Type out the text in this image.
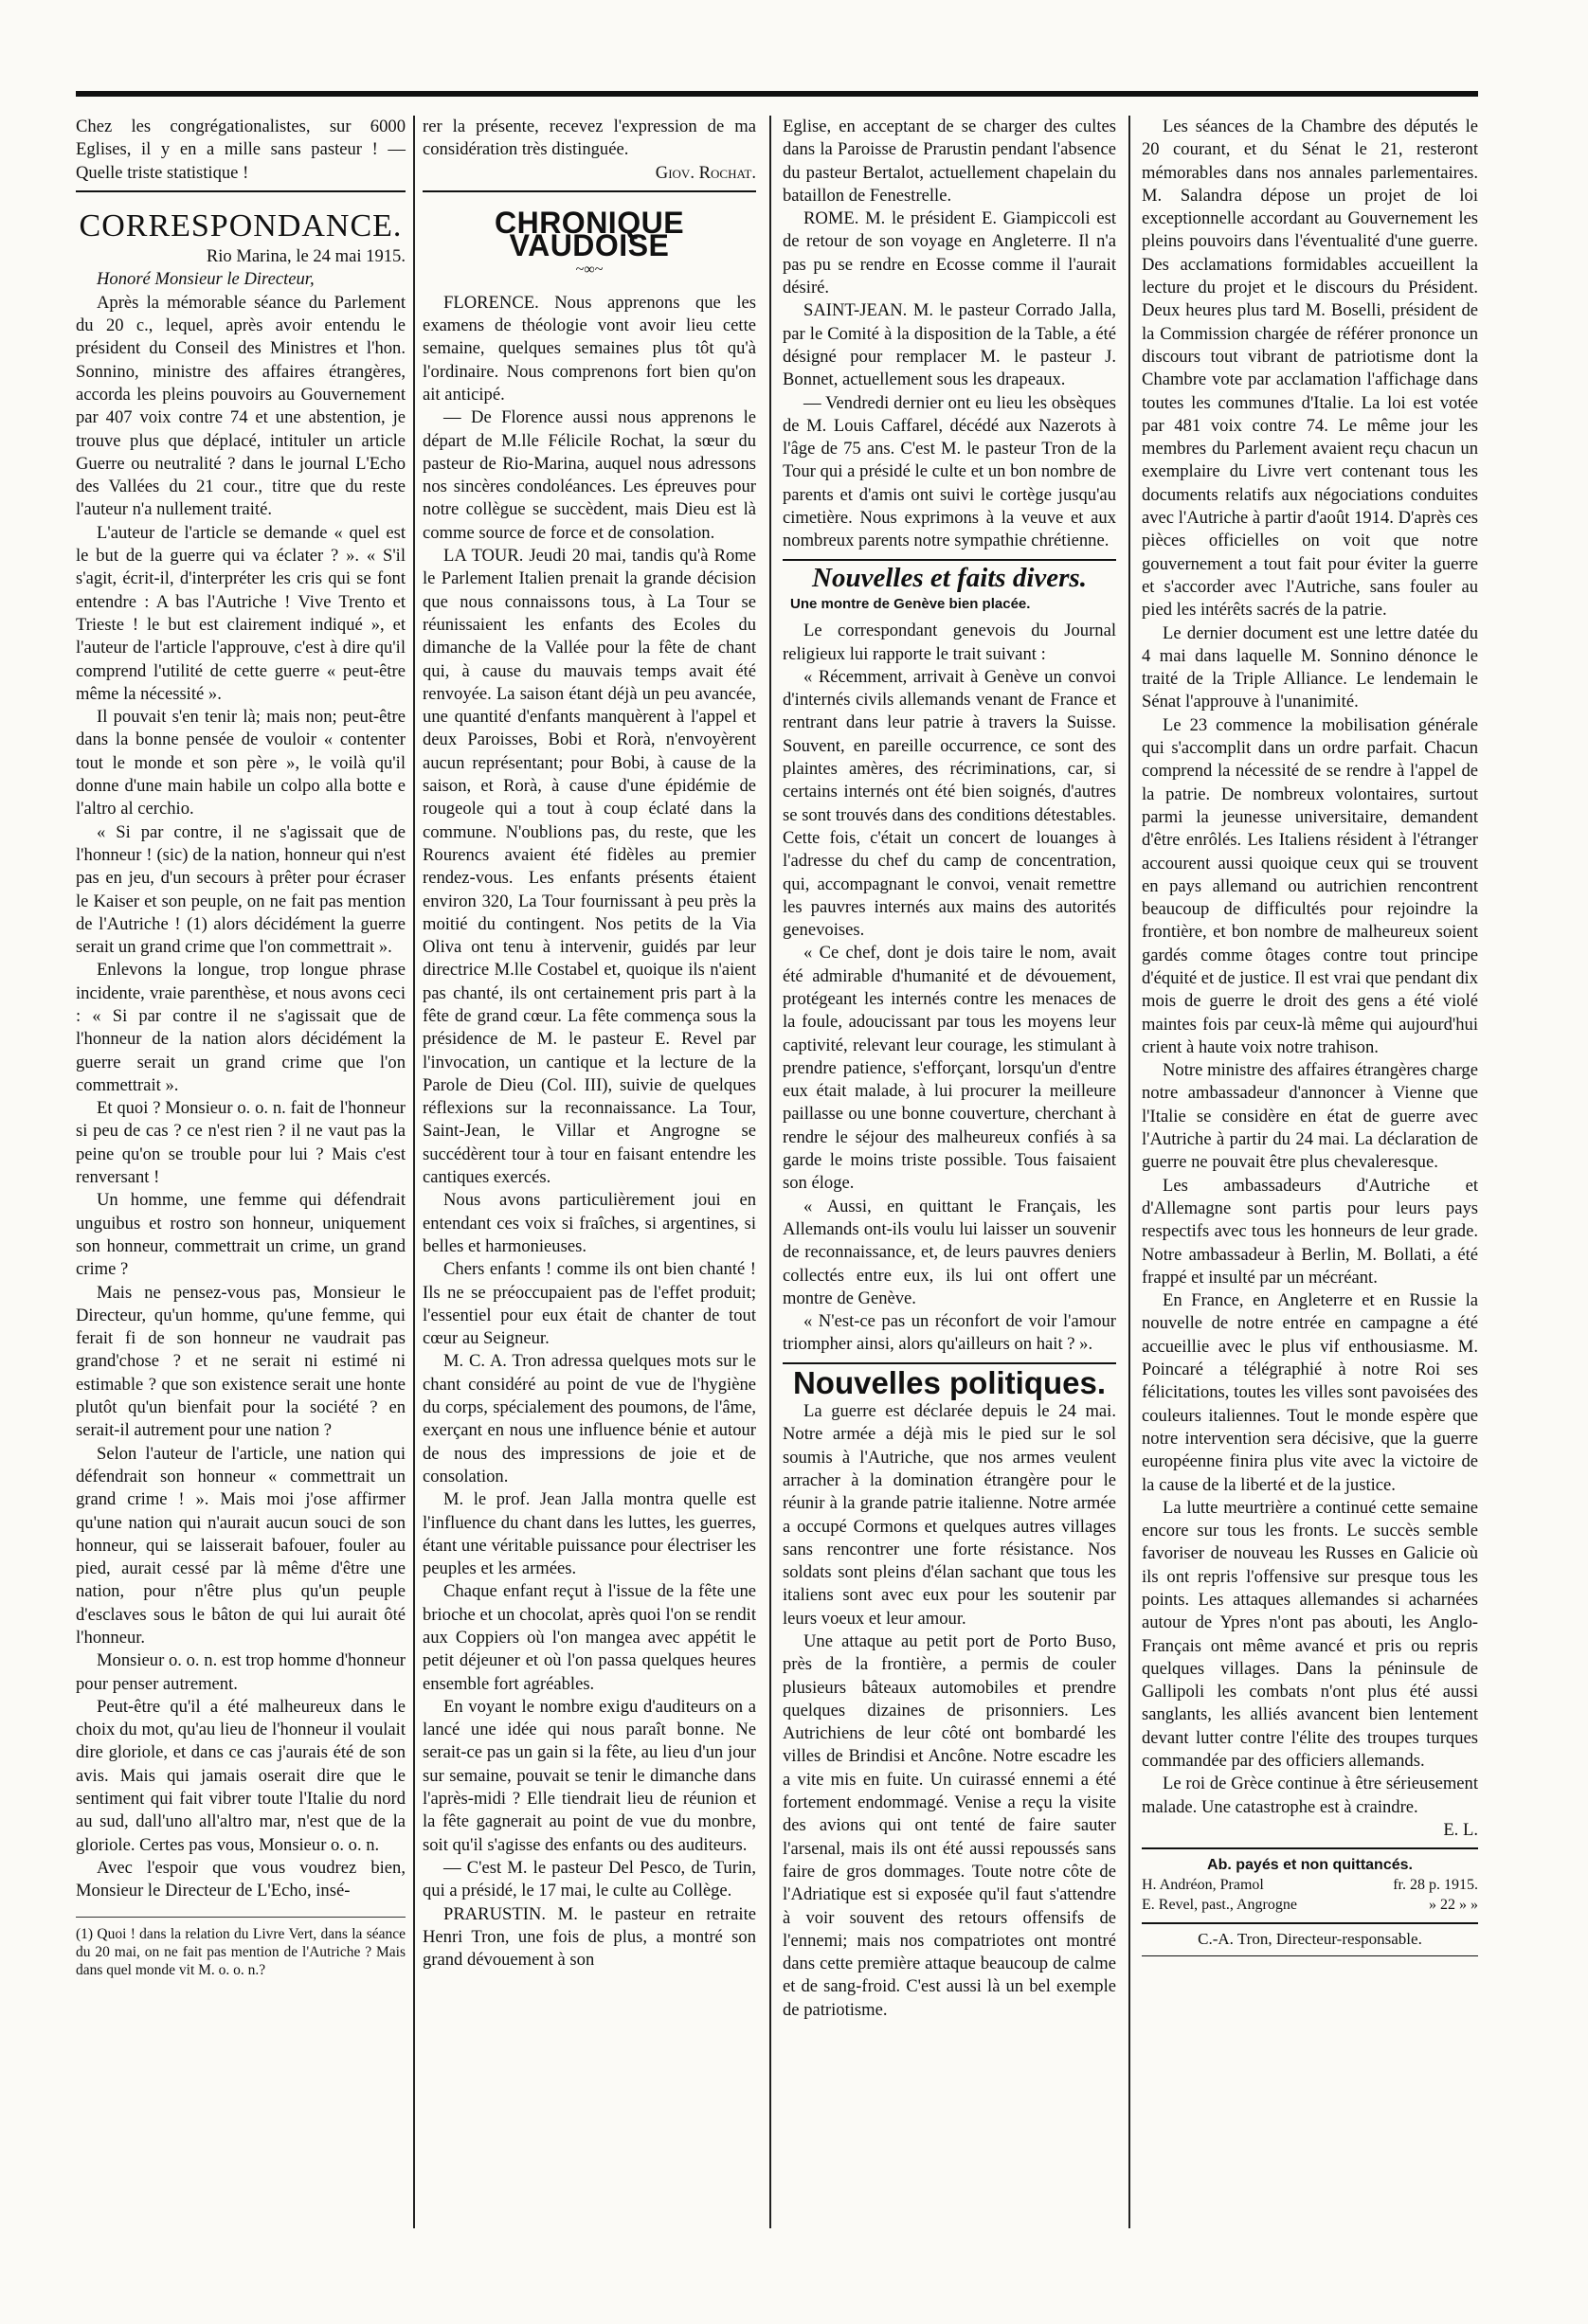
Chez les congrégationalistes, sur 6000 Eglises, il y en a mille sans pasteur ! — Quelle triste statistique !

CORRESPONDANCE.

Rio Marina, le 24 mai 1915.

Honoré Monsieur le Directeur,

Après la mémorable séance du Parlement du 20 c., lequel, après avoir entendu le président du Conseil des Ministres et l'hon. Sonnino, ministre des affaires étrangères, accorda les pleins pouvoirs au Gouvernement par 407 voix contre 74 et une abstention, je trouve plus que déplacé, intituler un article Guerre ou neutralité ? dans le journal L'Echo des Vallées du 21 cour., titre que du reste l'auteur n'a nullement traité.

L'auteur de l'article se demande « quel est le but de la guerre qui va éclater ? ». « S'il s'agit, écrit-il, d'interpréter les cris qui se font entendre : A bas l'Autriche ! Vive Trento et Trieste ! le but est clairement indiqué », et l'auteur de l'article l'approuve, c'est à dire qu'il comprend l'utilité de cette guerre « peut-être même la nécessité ».

Il pouvait s'en tenir là; mais non; peut-être dans la bonne pensée de vouloir « contenter tout le monde et son père », le voilà qu'il donne d'une main habile un colpo alla botte e l'altro al cerchio.

« Si par contre, il ne s'agissait que de l'honneur ! (sic) de la nation, honneur qui n'est pas en jeu, d'un secours à prêter pour écraser le Kaiser et son peuple, on ne fait pas mention de l'Autriche ! (1) alors décidément la guerre serait un grand crime que l'on commettrait ».

Enlevons la longue, trop longue phrase incidente, vraie parenthèse, et nous avons ceci : « Si par contre il ne s'agissait que de l'honneur de la nation alors décidément la guerre serait un grand crime que l'on commettrait ».

Et quoi ? Monsieur o. o. n. fait de l'honneur si peu de cas ? ce n'est rien ? il ne vaut pas la peine qu'on se trouble pour lui ? Mais c'est renversant !

Un homme, une femme qui défendrait unguibus et rostro son honneur, uniquement son honneur, commettrait un crime, un grand crime ?

Mais ne pensez-vous pas, Monsieur le Directeur, qu'un homme, qu'une femme, qui ferait fi de son honneur ne vaudrait pas grand'chose ? et ne serait ni estimé ni estimable ? que son existence serait une honte plutôt qu'un bienfait pour la société ? en serait-il autrement pour une nation ?

Selon l'auteur de l'article, une nation qui défendrait son honneur « commettrait un grand crime ! ». Mais moi j'ose affirmer qu'une nation qui n'aurait aucun souci de son honneur, qui se laisserait bafouer, fouler au pied, aurait cessé par là même d'être une nation, pour n'être plus qu'un peuple d'esclaves sous le bâton de qui lui aurait ôté l'honneur.

Monsieur o. o. n. est trop homme d'honneur pour penser autrement.

Peut-être qu'il a été malheureux dans le choix du mot, qu'au lieu de l'honneur il voulait dire gloriole, et dans ce cas j'aurais été de son avis. Mais qui jamais oserait dire que le sentiment qui fait vibrer toute l'Italie du nord au sud, dall'uno all'altro mar, n'est que de la gloriole. Certes pas vous, Monsieur o. o. n.

Avec l'espoir que vous voudrez bien, Monsieur le Directeur de L'Echo, insé-

(1) Quoi ! dans la relation du Livre Vert, dans la séance du 20 mai, on ne fait pas mention de l'Autriche ? Mais dans quel monde vit M. o. o. n.?

rer la présente, recevez l'expression de ma considération très distinguée.

Giov. Rochat.

CHRONIQUE VAUDOISE
~∞~

FLORENCE. Nous apprenons que les examens de théologie vont avoir lieu cette semaine, quelques semaines plus tôt qu'à l'ordinaire. Nous comprenons fort bien qu'on ait anticipé.

— De Florence aussi nous apprenons le départ de M.lle Félicile Rochat, la sœur du pasteur de Rio-Marina, auquel nous adressons nos sincères condoléances. Les épreuves pour notre collègue se succèdent, mais Dieu est là comme source de force et de consolation.

LA TOUR. Jeudi 20 mai, tandis qu'à Rome le Parlement Italien prenait la grande décision que nous connaissons tous, à La Tour se réunissaient les enfants des Ecoles du dimanche de la Vallée pour la fête de chant qui, à cause du mauvais temps avait été renvoyée. La saison étant déjà un peu avancée, une quantité d'enfants manquèrent à l'appel et deux Paroisses, Bobi et Rorà, n'envoyèrent aucun représentant; pour Bobi, à cause de la saison, et Rorà, à cause d'une épidémie de rougeole qui a tout à coup éclaté dans la commune. N'oublions pas, du reste, que les Rourencs avaient été fidèles au premier rendez-vous. Les enfants présents étaient environ 320, La Tour fournissant à peu près la moitié du contingent. Nos petits de la Via Oliva ont tenu à intervenir, guidés par leur directrice M.lle Costabel et, quoique ils n'aient pas chanté, ils ont certainement pris part à la fête de grand cœur. La fête commença sous la présidence de M. le pasteur E. Revel par l'invocation, un cantique et la lecture de la Parole de Dieu (Col. III), suivie de quelques réflexions sur la reconnaissance. La Tour, Saint-Jean, le Villar et Angrogne se succédèrent tour à tour en faisant entendre les cantiques exercés.

Nous avons particulièrement joui en entendant ces voix si fraîches, si argentines, si belles et harmonieuses.

Chers enfants ! comme ils ont bien chanté ! Ils ne se préoccupaient pas de l'effet produit; l'essentiel pour eux était de chanter de tout cœur au Seigneur.

M. C. A. Tron adressa quelques mots sur le chant considéré au point de vue de l'hygiène du corps, spécialement des poumons, de l'âme, exerçant en nous une influence bénie et autour de nous des impressions de joie et de consolation.

M. le prof. Jean Jalla montra quelle est l'influence du chant dans les luttes, les guerres, étant une véritable puissance pour électriser les peuples et les armées.

Chaque enfant reçut à l'issue de la fête une brioche et un chocolat, après quoi l'on se rendit aux Coppiers où l'on mangea avec appétit le petit déjeuner et où l'on passa quelques heures ensemble fort agréables.

En voyant le nombre exigu d'auditeurs on a lancé une idée qui nous paraît bonne. Ne serait-ce pas un gain si la fête, au lieu d'un jour sur semaine, pouvait se tenir le dimanche dans l'après-midi ? Elle tiendrait lieu de réunion et la fête gagnerait au point de vue du monbre, soit qu'il s'agisse des enfants ou des auditeurs.

— C'est M. le pasteur Del Pesco, de Turin, qui a présidé, le 17 mai, le culte au Collège.

PRARUSTIN. M. le pasteur en retraite Henri Tron, une fois de plus, a montré son grand dévouement à son

Eglise, en acceptant de se charger des cultes dans la Paroisse de Prarustin pendant l'absence du pasteur Bertalot, actuellement chapelain du bataillon de Fenestrelle.

ROME. M. le président E. Giampiccoli est de retour de son voyage en Angleterre. Il n'a pas pu se rendre en Ecosse comme il l'aurait désiré.

SAINT-JEAN. M. le pasteur Corrado Jalla, par le Comité à la disposition de la Table, a été désigné pour remplacer M. le pasteur J. Bonnet, actuellement sous les drapeaux.

— Vendredi dernier ont eu lieu les obsèques de M. Louis Caffarel, décédé aux Nazerots à l'âge de 75 ans. C'est M. le pasteur Tron de la Tour qui a présidé le culte et un bon nombre de parents et d'amis ont suivi le cortège jusqu'au cimetière. Nous exprimons à la veuve et aux nombreux parents notre sympathie chrétienne.

Nouvelles et faits divers.
Une montre de Genève bien placée.

Le correspondant genevois du Journal religieux lui rapporte le trait suivant :

« Récemment, arrivait à Genève un convoi d'internés civils allemands venant de France et rentrant dans leur patrie à travers la Suisse. Souvent, en pareille occurrence, ce sont des plaintes amères, des récriminations, car, si certains internés ont été bien soignés, d'autres se sont trouvés dans des conditions détestables. Cette fois, c'était un concert de louanges à l'adresse du chef du camp de concentration, qui, accompagnant le convoi, venait remettre les pauvres internés aux mains des autorités genevoises.

« Ce chef, dont je dois taire le nom, avait été admirable d'humanité et de dévouement, protégeant les internés contre les menaces de la foule, adoucissant par tous les moyens leur captivité, relevant leur courage, les stimulant à prendre patience, s'efforçant, lorsqu'un d'entre eux était malade, à lui procurer la meilleure paillasse ou une bonne couverture, cherchant à rendre le séjour des malheureux confiés à sa garde le moins triste possible. Tous faisaient son éloge.

« Aussi, en quittant le Français, les Allemands ont-ils voulu lui laisser un souvenir de reconnaissance, et, de leurs pauvres deniers collectés entre eux, ils lui ont offert une montre de Genève.

« N'est-ce pas un réconfort de voir l'amour triompher ainsi, alors qu'ailleurs on hait ? ».

Nouvelles politiques.

La guerre est déclarée depuis le 24 mai. Notre armée a déjà mis le pied sur le sol soumis à l'Autriche, que nos armes veulent arracher à la domination étrangère pour le réunir à la grande patrie italienne. Notre armée a occupé Cormons et quelques autres villages sans rencontrer une forte résistance. Nos soldats sont pleins d'élan sachant que tous les italiens sont avec eux pour les soutenir par leurs voeux et leur amour.

Une attaque au petit port de Porto Buso, près de la frontière, a permis de couler plusieurs bâteaux automobiles et prendre quelques dizaines de prisonniers. Les Autrichiens de leur côté ont bombardé les villes de Brindisi et Ancône. Notre escadre les a vite mis en fuite. Un cuirassé ennemi a été fortement endommagé. Venise a reçu la visite des avions qui ont tenté de faire sauter l'arsenal, mais ils ont été aussi repoussés sans faire de gros dommages. Toute notre côte de l'Adriatique est si exposée qu'il faut s'attendre à voir souvent des retours offensifs de l'ennemi; mais nos compatriotes ont montré dans cette première attaque beaucoup de calme et de sang-froid. C'est aussi là un bel exemple de patriotisme.

Les séances de la Chambre des députés le 20 courant, et du Sénat le 21, resteront mémorables dans nos annales parlementaires. M. Salandra dépose un projet de loi exceptionnelle accordant au Gouvernement les pleins pouvoirs dans l'éventualité d'une guerre. Des acclamations formidables accueillent la lecture du projet et le discours du Président. Deux heures plus tard M. Boselli, président de la Commission chargée de référer prononce un discours tout vibrant de patriotisme dont la Chambre vote par acclamation l'affichage dans toutes les communes d'Italie. La loi est votée par 481 voix contre 74. Le même jour les membres du Parlement avaient reçu chacun un exemplaire du Livre vert contenant tous les documents relatifs aux négociations conduites avec l'Autriche à partir d'août 1914. D'après ces pièces officielles on voit que notre gouvernement a tout fait pour éviter la guerre et s'accorder avec l'Autriche, sans fouler au pied les intérêts sacrés de la patrie.

Le dernier document est une lettre datée du 4 mai dans laquelle M. Sonnino dénonce le traité de la Triple Alliance. Le lendemain le Sénat l'approuve à l'unanimité.

Le 23 commence la mobilisation générale qui s'accomplit dans un ordre parfait. Chacun comprend la nécessité de se rendre à l'appel de la patrie. De nombreux volontaires, surtout parmi la jeunesse universitaire, demandent d'être enrôlés. Les Italiens résident à l'étranger accourent aussi quoique ceux qui se trouvent en pays allemand ou autrichien rencontrent beaucoup de difficultés pour rejoindre la frontière, et bon nombre de malheureux soient gardés comme ôtages contre tout principe d'équité et de justice. Il est vrai que pendant dix mois de guerre le droit des gens a été violé maintes fois par ceux-là même qui aujourd'hui crient à haute voix notre trahison.

Notre ministre des affaires étrangères charge notre ambassadeur d'annoncer à Vienne que l'Italie se considère en état de guerre avec l'Autriche à partir du 24 mai. La déclaration de guerre ne pouvait être plus chevaleresque.

Les ambassadeurs d'Autriche et d'Allemagne sont partis pour leurs pays respectifs avec tous les honneurs de leur grade. Notre ambassadeur à Berlin, M. Bollati, a été frappé et insulté par un mécréant.

En France, en Angleterre et en Russie la nouvelle de notre entrée en campagne a été accueillie avec le plus vif enthousiasme. M. Poincaré a télégraphié à notre Roi ses félicitations, toutes les villes sont pavoisées des couleurs italiennes. Tout le monde espère que notre intervention sera décisive, que la guerre européenne finira plus vite avec la victoire de la cause de la liberté et de la justice.

La lutte meurtrière a continué cette semaine encore sur tous les fronts. Le succès semble favoriser de nouveau les Russes en Galicie où ils ont repris l'offensive sur presque tous les points. Les attaques allemandes si acharnées autour de Ypres n'ont pas abouti, les Anglo-Français ont même avancé et pris ou repris quelques villages. Dans la péninsule de Gallipoli les combats n'ont plus été aussi sanglants, les alliés avancent bien lentement devant lutter contre l'élite des troupes turques commandée par des officiers allemands.

Le roi de Grèce continue à être sérieusement malade. Une catastrophe est à craindre.

E. L.

Ab. payés et non quittancés.
H. Andréon, Pramol	fr. 28 p. 1915.
E. Revel, past., Angrogne	» 22 » »
C.-A. Tron, Directeur-responsable.
